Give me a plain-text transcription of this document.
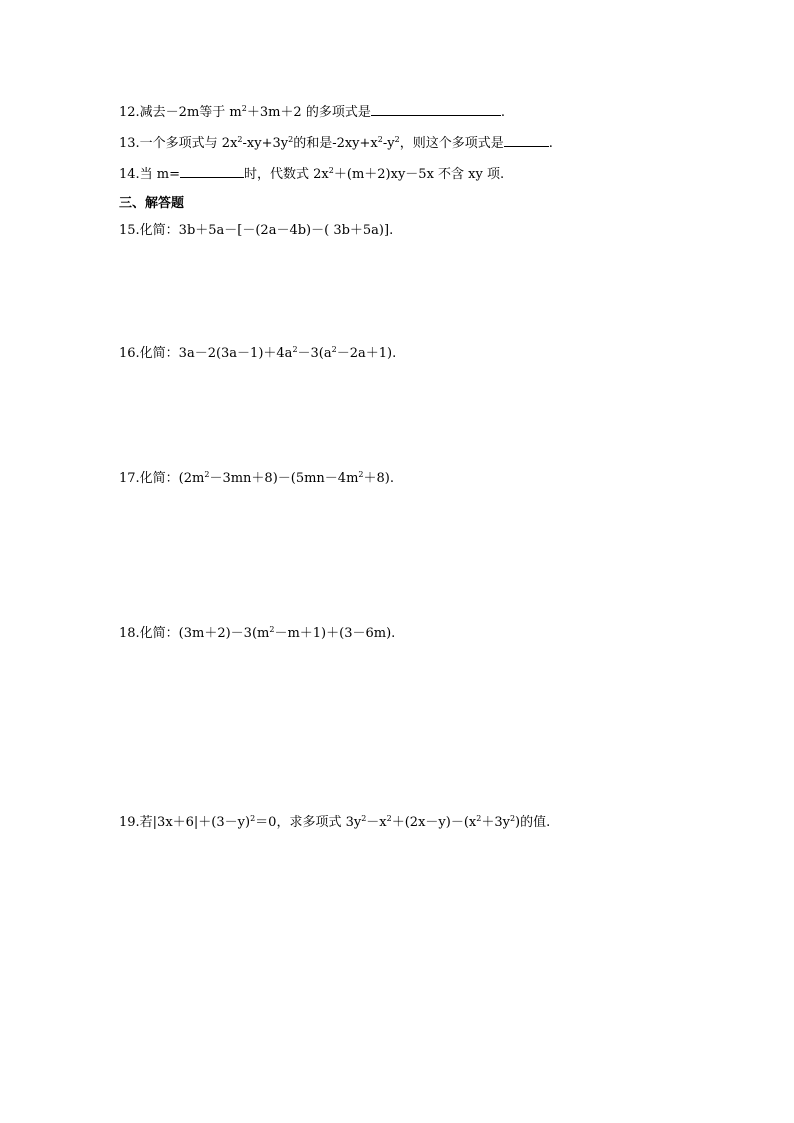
12.减去－2m等于 $m^2+3m+2$ 的多项式是	.
13.一个多项式与 $2x^2-xy+3y^2$的和是$-2xy+x^2-y^2$，则这个多项式是	.
14.当 m=	时，代数式 $2x^2+(m+2)xy-5x$ 不含 xy 项.
三、解答题
15.化简：3b＋5a－[－(2a－4b)－( 3b＋5a)].
16.化简：$3a-2(3a-1)+4a^2-3(a^2-2a+1)$.
17.化简：$(2m^2-3mn+8)-(5mn-4m^2+8)$.
18.化简：$(3m+2)-3(m^2-m+1)+(3-6m)$.
19.若$|3x+6|+(3-y)^2=0$，求多项式 $3y^2-x^2+(2x-y)-(x^2+3y^2)$的值.
